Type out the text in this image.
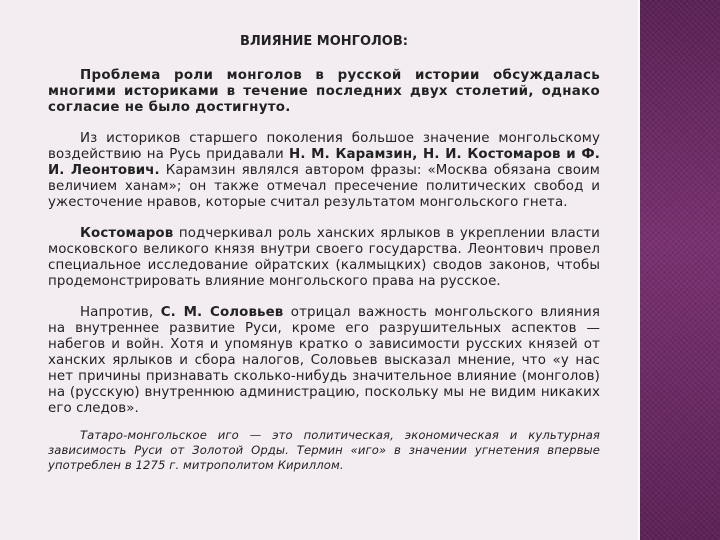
ВЛИЯНИЕ МОНГОЛОВ:

Проблема роли монголов в русской истории обсуждалась многими историками в течение последних двух столетий, однако согласие не было достигнуто.

Из историков старшего поколения большое значение монгольскому воздействию на Русь придавали Н. М. Карамзин, Н. И. Костомаров и Ф. И. Леонтович. Карамзин являлся автором фразы: «Москва обязана своим величием ханам»; он также отмечал пресечение политических свобод и ужесточение нравов, которые считал результатом монгольского гнета.

Костомаров подчеркивал роль ханских ярлыков в укреплении власти московского великого князя внутри своего государства. Леонтович провел специальное исследование ойратских (калмыцких) сводов законов, чтобы продемонстрировать влияние монгольского права на русское.

Напротив, С. М. Соловьев отрицал важность монгольского влияния на внутреннее развитие Руси, кроме его разрушительных аспектов — набегов и войн. Хотя и упомянув кратко о зависимости русских князей от ханских ярлыков и сбора налогов, Соловьев высказал мнение, что «у нас нет причины признавать сколько-нибудь значительное влияние (монголов) на (русскую) внутреннюю администрацию, поскольку мы не видим никаких его следов».

Татаро-монгольское иго — это политическая, экономическая и культурная зависимость Руси от Золотой Орды. Термин «иго» в значении угнетения впервые употреблен в 1275 г. митрополитом Кириллом.
